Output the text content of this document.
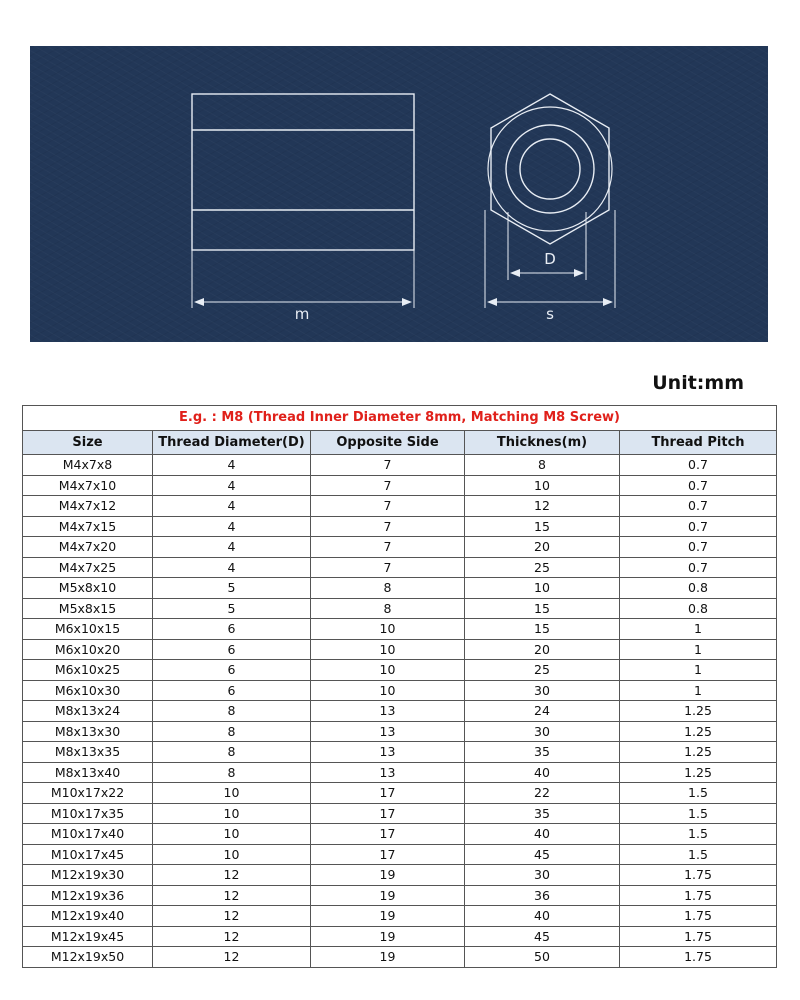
m
D
s
Unit:mm
E.g. : M8 (Thread Inner Diameter 8mm, Matching M8 Screw)				
Size	Thread Diameter(D)	Opposite Side	Thicknes(m)	Thread Pitch
M4x7x8	4	7	8	0.7
M4x7x10	4	7	10	0.7
M4x7x12	4	7	12	0.7
M4x7x15	4	7	15	0.7
M4x7x20	4	7	20	0.7
M4x7x25	4	7	25	0.7
M5x8x10	5	8	10	0.8
M5x8x15	5	8	15	0.8
M6x10x15	6	10	15	1
M6x10x20	6	10	20	1
M6x10x25	6	10	25	1
M6x10x30	6	10	30	1
M8x13x24	8	13	24	1.25
M8x13x30	8	13	30	1.25
M8x13x35	8	13	35	1.25
M8x13x40	8	13	40	1.25
M10x17x22	10	17	22	1.5
M10x17x35	10	17	35	1.5
M10x17x40	10	17	40	1.5
M10x17x45	10	17	45	1.5
M12x19x30	12	19	30	1.75
M12x19x36	12	19	36	1.75
M12x19x40	12	19	40	1.75
M12x19x45	12	19	45	1.75
M12x19x50	12	19	50	1.75
